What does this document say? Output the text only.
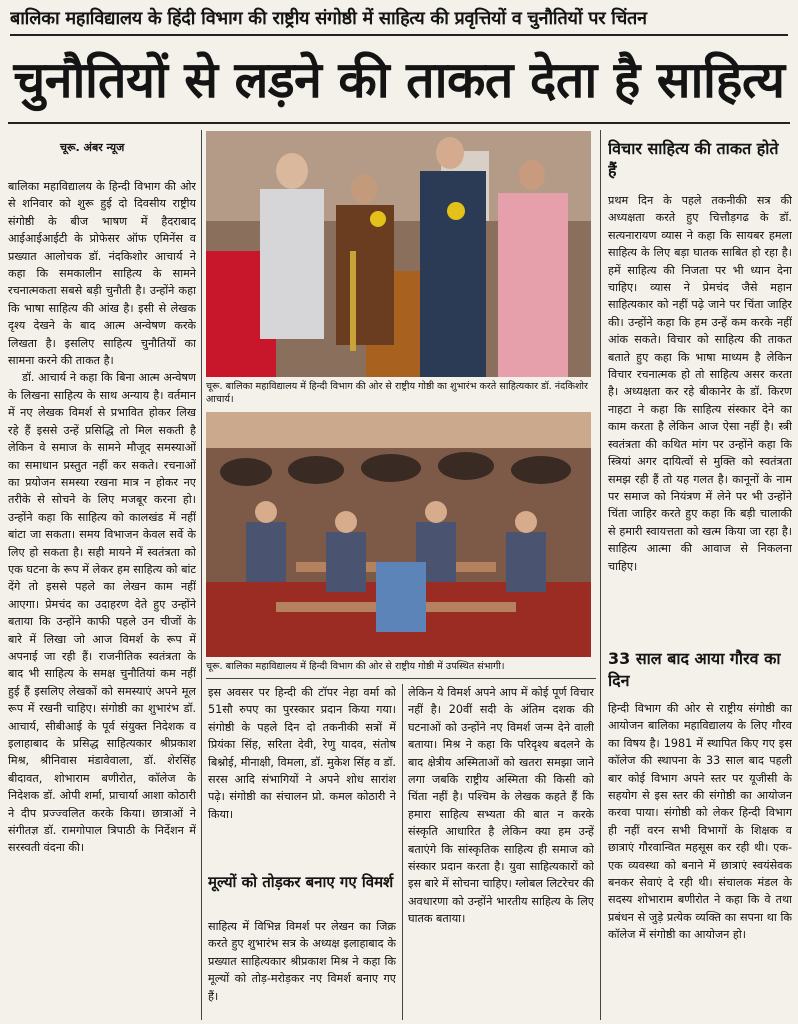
बालिका महाविद्यालय के हिंदी विभाग की राष्ट्रीय संगोष्ठी में साहित्य की प्रवृत्तियों व चुनौतियों पर चिंतन
चुनौतियों से लड़ने की ताकत देता है साहित्य
चूरू. अंबर न्यूज

बालिका महाविद्यालय के हिन्दी विभाग की ओर से शनिवार को शुरू हुई दो दिवसीय राष्ट्रीय संगोष्ठी के बीज भाषण में हैदराबाद आईआईआईटी के प्रोफेसर ऑफ एमिनेंस व प्रख्यात आलोचक डॉ. नंदकिशोर आचार्य ने कहा कि समकालीन साहित्य के सामने रचनात्मकता सबसे बड़ी चुनौती है। उन्होंने कहा कि भाषा साहित्य की आंख है। इसी से लेखक दृश्य देखने के बाद आत्म अन्वेषण करके लिखता है। इसलिए साहित्य चुनौतियों का सामना करने की ताकत है।

डॉ. आचार्य ने कहा कि बिना आत्म अन्वेषण के लिखना साहित्य के साथ अन्याय है। वर्तमान में नए लेखक विमर्श से प्रभावित होकर लिख रहे हैं इससे उन्हें प्रसिद्धि तो मिल सकती है लेकिन वे समाज के सामने मौजूद समस्याओं का समाधान प्रस्तुत नहीं कर सकते। रचनाओं का प्रयोजन समस्या रखना मात्र न होकर नए तरीके से सोचने के लिए मजबूर करना हो। उन्होंने कहा कि साहित्य को कालखंड में नहीं बांटा जा सकता। समय विभाजन केवल सर्वे के लिए हो सकता है। सही मायने में स्वतंत्रता को एक घटना के रूप में लेकर हम साहित्य को बांट देंगे तो इससे पहले का लेखन काम नहीं आएगा। प्रेमचंद का उदाहरण देते हुए उन्होंने बताया कि उन्होंने काफी पहले उन चीजों के बारे में लिखा जो आज विमर्श के रूप में अपनाई जा रही हैं। राजनीतिक स्वतंत्रता के बाद भी साहित्य के समक्ष चुनौतियां कम नहीं हुई हैं इसलिए लेखकों को समस्याएं अपने मूल रूप में रखनी चाहिए। संगोष्ठी का शुभारंभ डॉ. आचार्य, सीबीआई के पूर्व संयुक्त निदेशक व इलाहाबाद के प्रसिद्ध साहित्यकार श्रीप्रकाश मिश्र, श्रीनिवास मंडावेवाला, डॉ. शेरसिंह बीदावत, शोभाराम बणीरोत, कॉलेज के निदेशक डॉ. ओपी शर्मा, प्राचार्या आशा कोठारी ने दीप प्रज्ज्वलित करके किया। छात्राओं ने संगीतज्ञ डॉ. रामगोपाल त्रिपाठी के निर्देशन में सरस्वती वंदना की।

चूरू. बालिका महाविद्यालय में हिन्दी विभाग की ओर से राष्ट्रीय गोष्ठी का शुभारंभ करते साहित्यकार डॉ. नंदकिशोर आचार्य।
चूरू. बालिका महाविद्यालय में हिन्दी विभाग की ओर से राष्ट्रीय गोष्ठी में उपस्थित संभागी।

इस अवसर पर हिन्दी की टॉपर नेहा वर्मा को 51सौ रुपए का पुरस्कार प्रदान किया गया। संगोष्ठी के पहले दिन दो तकनीकी सत्रों में प्रियंका सिंह, सरिता देवी, रेणु यादव, संतोष बिश्नोई, मीनाक्षी, विमला, डॉ. मुकेश सिंह व डॉ. सरस आदि संभागियों ने अपने शोध सारांश पढ़े। संगोष्ठी का संचालन प्रो. कमल कोठारी ने किया।

मूल्यों को तोड़कर बनाए गए विमर्श

साहित्य में विभिन्न विमर्श पर लेखन का जिक्र करते हुए शुभारंभ सत्र के अध्यक्ष इलाहाबाद के प्रख्यात साहित्यकार श्रीप्रकाश मिश्र ने कहा कि मूल्यों को तोड़-मरोड़कर नए विमर्श बनाए गए हैं।

लेकिन ये विमर्श अपने आप में कोई पूर्ण विचार नहीं है। 20वीं सदी के अंतिम दशक की घटनाओं को उन्होंने नए विमर्श जन्म देने वाली बताया। मिश्र ने कहा कि परिदृश्य बदलने के बाद क्षेत्रीय अस्मिताओं को खतरा समझा जाने लगा जबकि राष्ट्रीय अस्मिता की किसी को चिंता नहीं है। पश्चिम के लेखक कहते हैं कि हमारा साहित्य सभ्यता की बात न करके संस्कृति आधारित है लेकिन क्या हम उन्हें बताएंगे कि सांस्कृतिक साहित्य ही समाज को संस्कार प्रदान करता है। युवा साहित्यकारों को इस बारे में सोचना चाहिए। ग्लोबल लिटरेचर की अवधारणा को उन्होंने भारतीय साहित्य के लिए घातक बताया।

विचार साहित्य की ताकत होते हैं

प्रथम दिन के पहले तकनीकी सत्र की अध्यक्षता करते हुए चित्तौड़गढ के डॉ. सत्यनारायण व्यास ने कहा कि सायबर हमला साहित्य के लिए बड़ा घातक साबित हो रहा है। हमें साहित्य की निजता पर भी ध्यान देना चाहिए। व्यास ने प्रेमचंद जैसे महान साहित्यकार को नहीं पढ़े जाने पर चिंता जाहिर की। उन्होंने कहा कि हम उन्हें कम करके नहीं आंक सकते। विचार को साहित्य की ताकत बताते हुए कहा कि भाषा माध्यम है लेकिन विचार रचनात्मक हो तो साहित्य असर करता है। अध्यक्षता कर रहे बीकानेर के डॉ. किरण नाहटा ने कहा कि साहित्य संस्कार देने का काम करता है लेकिन आज ऐसा नहीं है। स्त्री स्वतंत्रता की कथित मांग पर उन्होंने कहा कि स्त्रियां अगर दायित्वों से मुक्ति को स्वतंत्रता समझ रही हैं तो यह गलत है। कानूनों के नाम पर समाज को नियंत्रण में लेने पर भी उन्होंने चिंता जाहिर करते हुए कहा कि बड़ी चालाकी से हमारी स्वायत्तता को खत्म किया जा रहा है। साहित्य आत्मा की आवाज से निकलना चाहिए।

33 साल बाद आया गौरव का दिन

हिन्दी विभाग की ओर से राष्ट्रीय संगोष्ठी का आयोजन बालिका महाविद्यालय के लिए गौरव का विषय है। 1981 में स्थापित किए गए इस कॉलेज की स्थापना के 33 साल बाद पहली बार कोई विभाग अपने स्तर पर यूजीसी के सहयोग से इस स्तर की संगोष्ठी का आयोजन करवा पाया। संगोष्ठी को लेकर हिन्दी विभाग ही नहीं वरन सभी विभागों के शिक्षक व छात्राएं गौरवान्वित महसूस कर रही थी। एक-एक व्यवस्था को बनाने में छात्राएं स्वयंसेवक बनकर सेवाएं दे रही थी। संचालक मंडल के सदस्य शोभाराम बणीरोत ने कहा कि वे तथा प्रबंधन से जुड़े प्रत्येक व्यक्ति का सपना था कि कॉलेज में संगोष्ठी का आयोजन हो।
